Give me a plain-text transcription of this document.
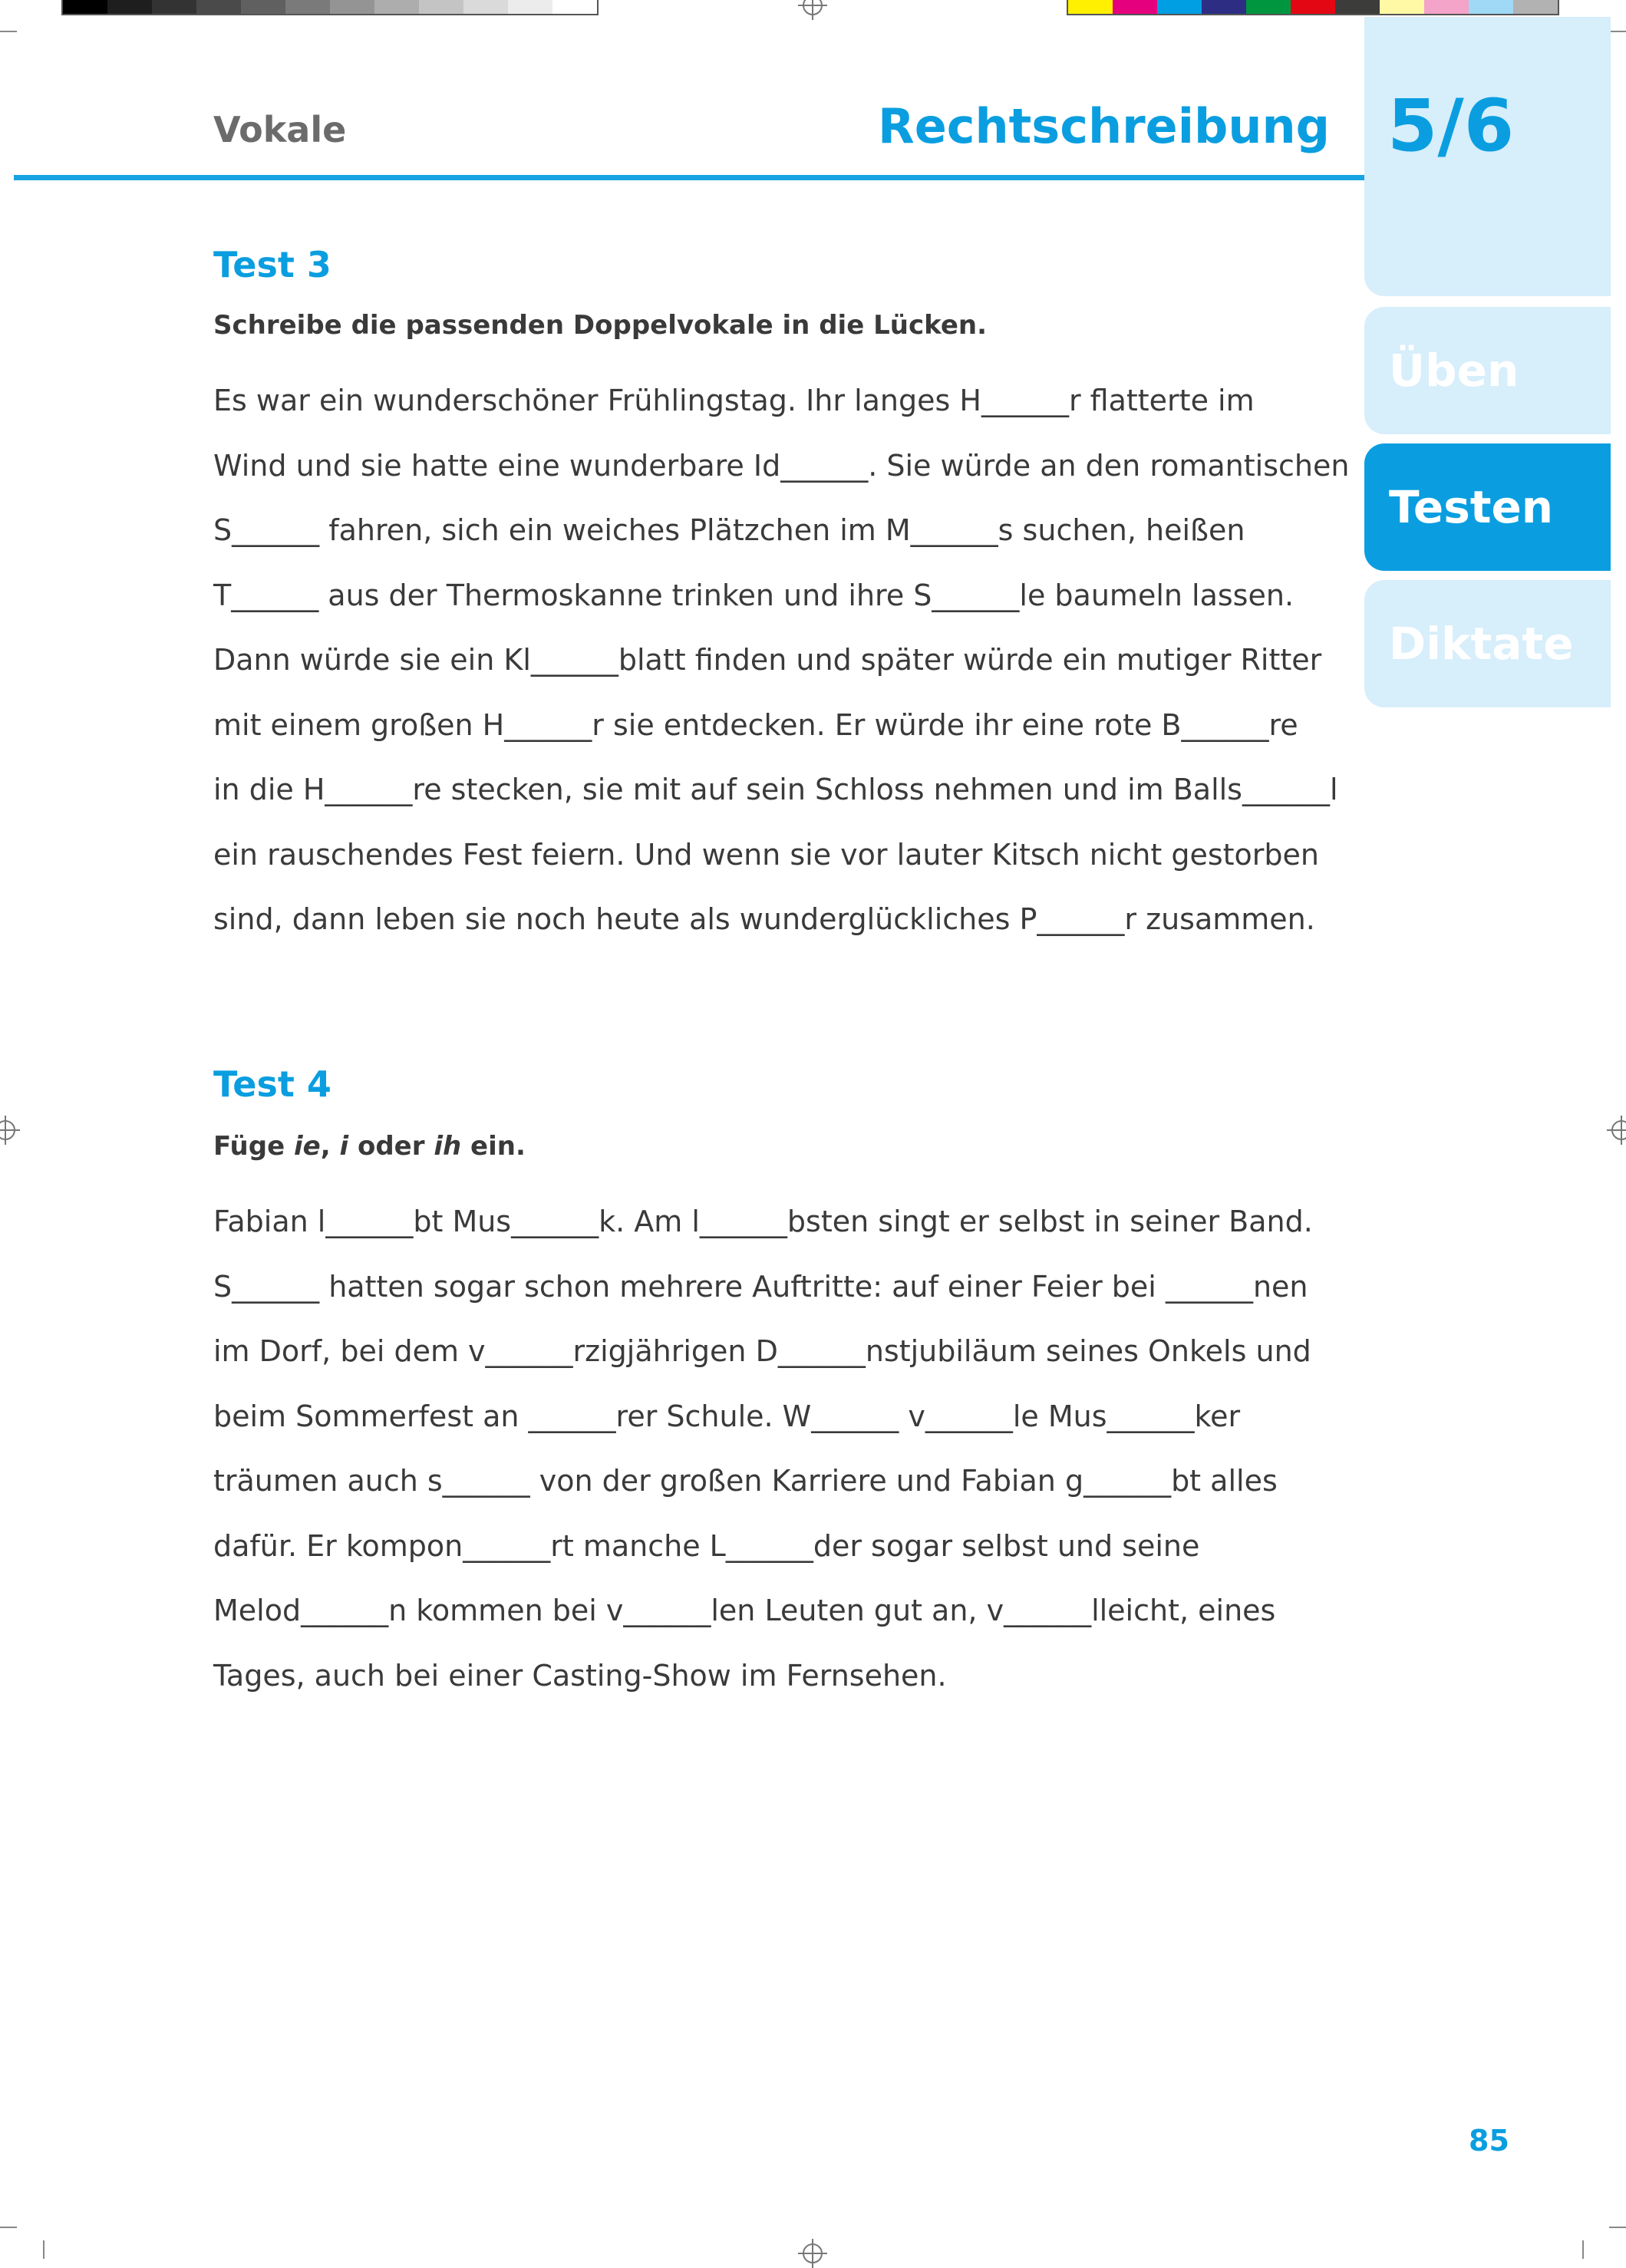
Vokale	Rechtschreibung 5/6
Üben
Testen
Diktate
Test 3
Schreibe die passenden Doppelvokale in die Lücken.
Es war ein wunderschöner Frühlingstag. Ihr langes H______r flatterte im
Wind und sie hatte eine wunderbare Id______. Sie würde an den romantischen
S______ fahren, sich ein weiches Plätzchen im M______s suchen, heißen
T______ aus der Thermoskanne trinken und ihre S______le baumeln lassen.
Dann würde sie ein Kl______blatt finden und später würde ein mutiger Ritter
mit einem großen H______r sie entdecken. Er würde ihr eine rote B______re
in die H______re stecken, sie mit auf sein Schloss nehmen und im Balls______l
ein rauschendes Fest feiern. Und wenn sie vor lauter Kitsch nicht gestorben
sind, dann leben sie noch heute als wunderglückliches P______r zusammen.
Test 4
Füge ie, i oder ih ein.
Fabian l______bt Mus______k. Am l______bsten singt er selbst in seiner Band.
S______ hatten sogar schon mehrere Auftritte: auf einer Feier bei ______nen
im Dorf, bei dem v______rzigjährigen D______nstjubiläum seines Onkels und
beim Sommerfest an ______rer Schule. W______ v______le Mus______ker
träumen auch s______ von der großen Karriere und Fabian g______bt alles
dafür. Er kompon______rt manche L______der sogar selbst und seine
Melod______n kommen bei v______len Leuten gut an, v______lleicht, eines
Tages, auch bei einer Casting-Show im Fernsehen.
85
